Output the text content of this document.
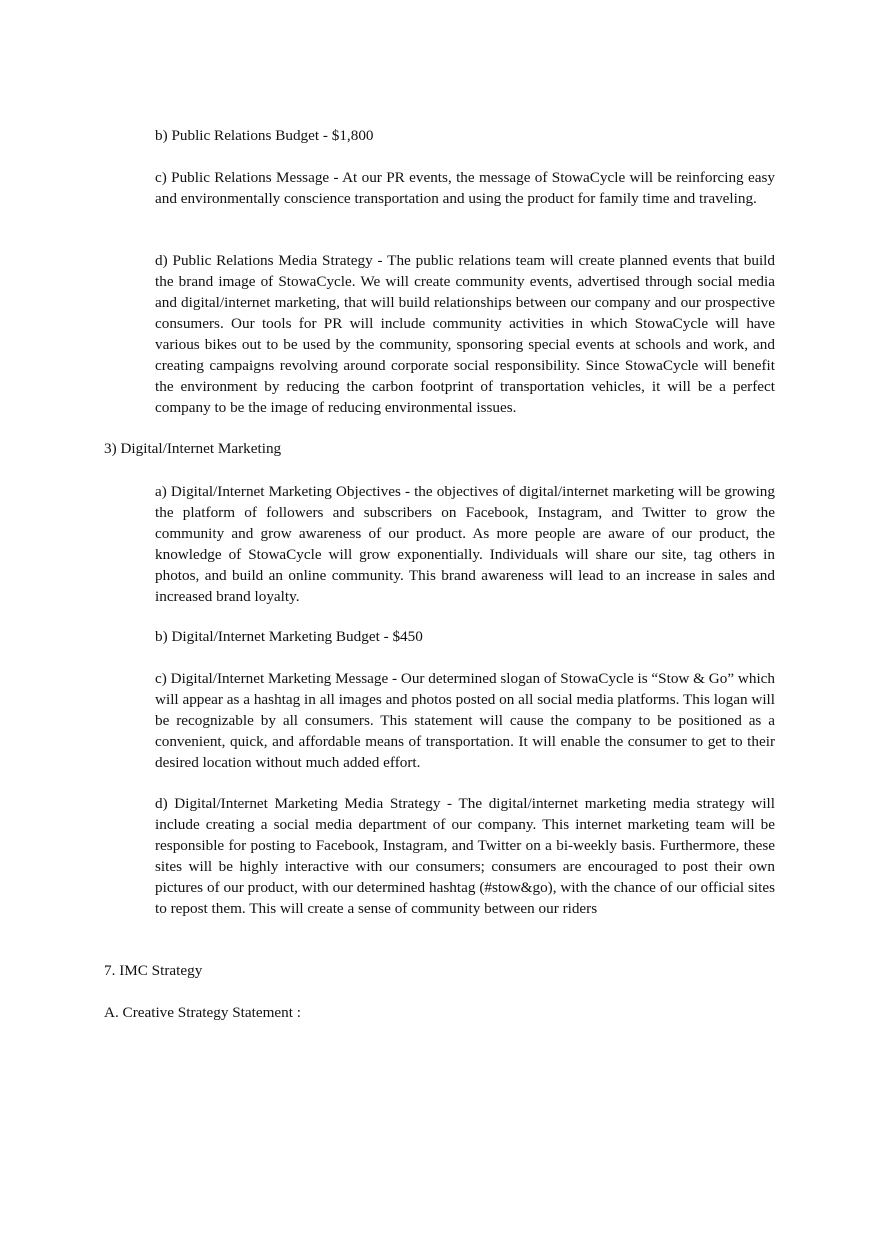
b) Public Relations Budget - $1,800

c) Public Relations Message - At our PR events, the message of StowaCycle will be reinforcing easy and environmentally conscience transportation and using the product for family time and traveling.

d) Public Relations Media Strategy - The public relations team will create planned events that build the brand image of StowaCycle. We will create community events, advertised through social media and digital/internet marketing, that will build relationships between our company and our prospective consumers. Our tools for PR will include community activities in which StowaCycle will have various bikes out to be used by the community, sponsoring special events at schools and work, and creating campaigns revolving around corporate social responsibility. Since StowaCycle will benefit the environment by reducing the carbon footprint of transportation vehicles, it will be a perfect company to be the image of reducing environmental issues.

3) Digital/Internet Marketing

a) Digital/Internet Marketing Objectives - the objectives of digital/internet marketing will be growing the platform of followers and subscribers on Facebook, Instagram, and Twitter to grow the community and grow awareness of our product. As more people are aware of our product, the knowledge of StowaCycle will grow exponentially. Individuals will share our site, tag others in photos, and build an online community. This brand awareness will lead to an increase in sales and increased brand loyalty.

b) Digital/Internet Marketing Budget - $450

c) Digital/Internet Marketing Message - Our determined slogan of StowaCycle is “Stow & Go” which will appear as a hashtag in all images and photos posted on all social media platforms. This logan will be recognizable by all consumers. This statement will cause the company to be positioned as a convenient, quick, and affordable means of transportation. It will enable the consumer to get to their desired location without much added effort.

d) Digital/Internet Marketing Media Strategy - The digital/internet marketing media strategy will include creating a social media department of our company. This internet marketing team will be responsible for posting to Facebook, Instagram, and Twitter on a bi-weekly basis. Furthermore, these sites will be highly interactive with our consumers; consumers are encouraged to post their own pictures of our product, with our determined hashtag (#stow&go), with the chance of our official sites to repost them. This will create a sense of community between our riders

7. IMC Strategy

A. Creative Strategy Statement :
